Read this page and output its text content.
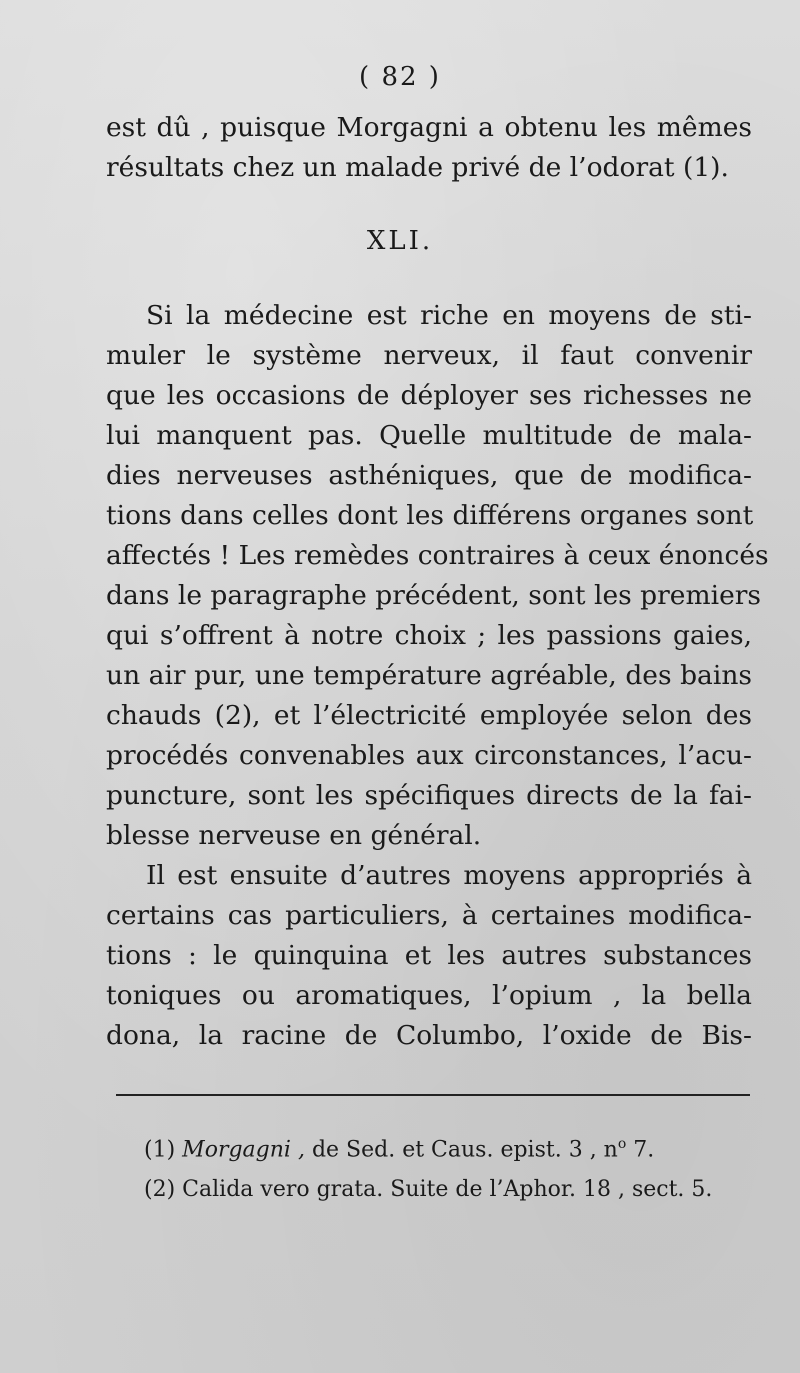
( 82 )
est dû , puisque Morgagni a obtenu les mêmes
résultats chez un malade privé de l’odorat (1).
XLI.
Si la médecine est riche en moyens de sti-
muler le système nerveux, il faut convenir
que les occasions de déployer ses richesses ne
lui manquent pas. Quelle multitude de mala-
dies nerveuses asthéniques, que de modifica-
tions dans celles dont les différens organes sont
affectés ! Les remèdes contraires à ceux énoncés
dans le paragraphe précédent, sont les premiers
qui s’offrent à notre choix ; les passions gaies,
un air pur, une température agréable, des bains
chauds (2), et l’électricité employée selon des
procédés convenables aux circonstances, l’acu-
puncture, sont les spécifiques directs de la fai-
blesse nerveuse en général.
Il est ensuite d’autres moyens appropriés à
certains cas particuliers, à certaines modifica-
tions : le quinquina et les autres substances
toniques ou aromatiques, l’opium , la bella
dona, la racine de Columbo, l’oxide de Bis-
(1) Morgagni , de Sed. et Caus. epist. 3 , $n^o$ 7.
(2) Calida vero grata. Suite de l’Aphor. 18 , sect. 5.
